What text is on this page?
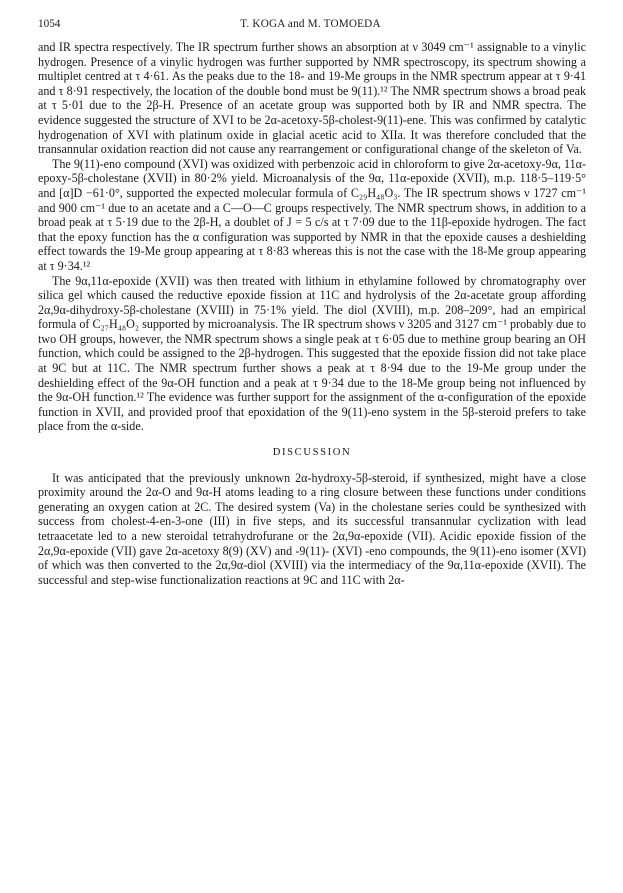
1054	T. KOGA and M. TOMOEDA

and IR spectra respectively. The IR spectrum further shows an absorption at ν 3049 cm⁻¹ assignable to a vinylic hydrogen. Presence of a vinylic hydrogen was further supported by NMR spectroscopy, its spectrum showing a multiplet centred at τ 4·61. As the peaks due to the 18- and 19-Me groups in the NMR spectrum appear at τ 9·41 and τ 8·91 respectively, the location of the double bond must be 9(11).¹² The NMR spectrum shows a broad peak at τ 5·01 due to the 2β-H. Presence of an acetate group was supported both by IR and NMR spectra. The evidence suggested the structure of XVI to be 2α-acetoxy-5β-cholest-9(11)-ene. This was confirmed by catalytic hydrogenation of XVI with platinum oxide in glacial acetic acid to XIIa. It was therefore concluded that the transannular oxidation reaction did not cause any rearrangement or configurational change of the skeleton of Va.

The 9(11)-eno compound (XVI) was oxidized with perbenzoic acid in chloroform to give 2α-acetoxy-9α, 11α-epoxy-5β-cholestane (XVII) in 80·2% yield. Microanalysis of the 9α, 11α-epoxide (XVII), m.p. 118·5–119·5° and [α]D −61·0°, supported the expected molecular formula of C₂₉H₄₈O₃. The IR spectrum shows ν 1727 cm⁻¹ and 900 cm⁻¹ due to an acetate and a C—O—C groups respectively. The NMR spectrum shows, in addition to a broad peak at τ 5·19 due to the 2β-H, a doublet of J = 5 c/s at τ 7·09 due to the 11β-epoxide hydrogen. The fact that the epoxy function has the α configuration was supported by NMR in that the epoxide causes a deshielding effect towards the 19-Me group appearing at τ 8·83 whereas this is not the case with the 18-Me group appearing at τ 9·34.¹²

The 9α,11α-epoxide (XVII) was then treated with lithium in ethylamine followed by chromatography over silica gel which caused the reductive epoxide fission at 11C and hydrolysis of the 2α-acetate group affording 2α,9α-dihydroxy-5β-cholestane (XVIII) in 75·1% yield. The diol (XVIII), m.p. 208–209°, had an empirical formula of C₂₇H₄₈O₂ supported by microanalysis. The IR spectrum shows ν 3205 and 3127 cm⁻¹ probably due to two OH groups, however, the NMR spectrum shows a single peak at τ 6·05 due to methine group bearing an OH function, which could be assigned to the 2β-hydrogen. This suggested that the epoxide fission did not take place at 9C but at 11C. The NMR spectrum further shows a peak at τ 8·94 due to the 19-Me group under the deshielding effect of the 9α-OH function and a peak at τ 9·34 due to the 18-Me group being not influenced by the 9α-OH function.¹² The evidence was further support for the assignment of the α-configuration of the epoxide function in XVII, and provided proof that epoxidation of the 9(11)-eno system in the 5β-steroid prefers to take place from the α-side.

DISCUSSION

It was anticipated that the previously unknown 2α-hydroxy-5β-steroid, if synthesized, might have a close proximity around the 2α-O and 9α-H atoms leading to a ring closure between these functions under conditions generating an oxygen cation at 2C. The desired system (Va) in the cholestane series could be synthesized with success from cholest-4-en-3-one (III) in five steps, and its successful transannular cyclization with lead tetraacetate led to a new steroidal tetrahydrofurane or the 2α,9α-epoxide (VII). Acidic epoxide fission of the 2α,9α-epoxide (VII) gave 2α-acetoxy 8(9) (XV) and -9(11)- (XVI) -eno compounds, the 9(11)-eno isomer (XVI) of which was then converted to the 2α,9α-diol (XVIII) via the intermediacy of the 9α,11α-epoxide (XVII). The successful and step-wise functionalization reactions at 9C and 11C with 2α-
